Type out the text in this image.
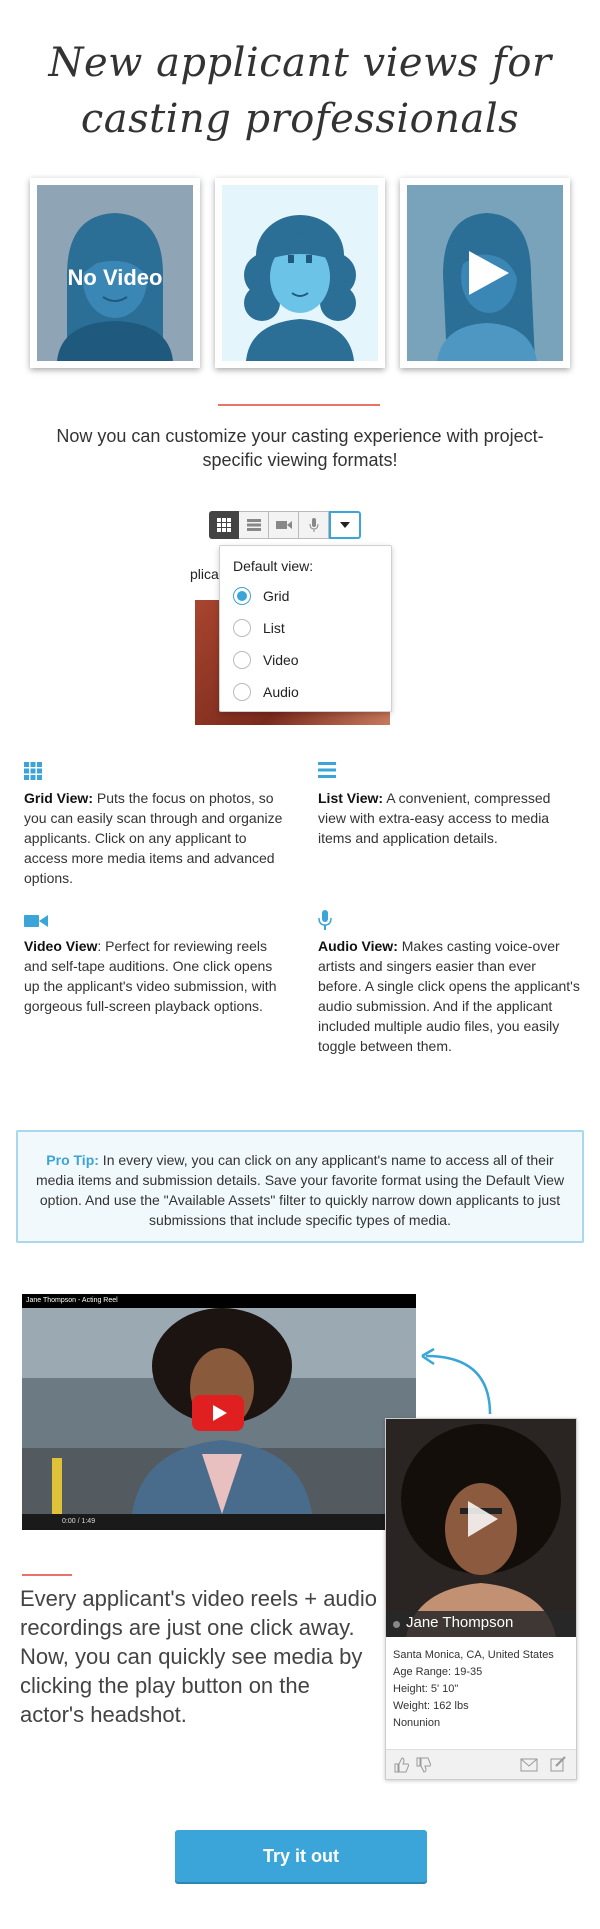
New applicant views for
casting professionals
No Video
Now you can customize your casting experience with project-specific viewing formats!
plica Default view:
Grid
List
Video
Audio
Grid View: Puts the focus on photos, so you can easily scan through and organize applicants. Click on any applicant to access more media items and advanced options.
List View: A convenient, compressed view with extra-easy access to media items and application details.
Video View: Perfect for reviewing reels and self-tape auditions. One click opens up the applicant's video submission, with gorgeous full-screen playback options.
Audio View: Makes casting voice-over artists and singers easier than ever before. A single click opens the applicant's audio submission. And if the applicant included multiple audio files, you easily toggle between them.
Pro Tip: In every view, you can click on any applicant's name to access all of their media items and submission details. Save your favorite format using the Default View option. And use the "Available Assets" filter to quickly narrow down applicants to just submissions that include specific types of media.
Jane Thompson - Acting Reel
0:00 / 1:49
Jane Thompson
Santa Monica, CA, United States
Age Range: 19-35
Height: 5' 10"
Weight: 162 lbs
Nonunion
Every applicant's video reels + audio recordings are just one click away. Now, you can quickly see media by clicking the play button on the actor's headshot.
Try it out
